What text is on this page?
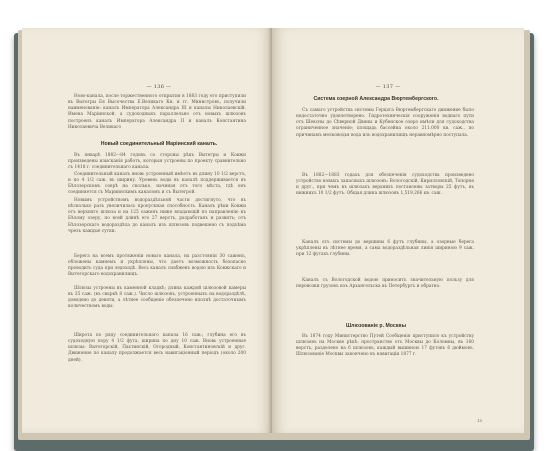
— 136 —
Ново-канала, после торжественного открытия в 1883 году его приступили въ Вытегры Ея Высочества Е.Великаго Кн. и гг. Министровъ, получили наименованіе: каналъ Императора Александра III и каналы Николаевскій. Имена Марiинской, а судоходныхъ параллельно отъ новыхъ шлюзовъ построенъ каналъ Императора Александра II и каналъ Константина Николаевича Великаго
Новый соединительный Маріинский каналъ.
Въ январѣ 1882—84 годовъ со стороны рѣкъ Вытегры и Ковжи произведены изысканія работъ, которыя устроены по проекту сравнительно съ 1418 г. соединительнаго канала.
Соединительный каналъ вновь устроенный имѣетъ въ длину 10 1/2 верстъ, и по 4 1/2 саж. въ ширину. Уровень воды въ каналѣ поддерживается въ Бѣлозерскомъ озерѣ на сколько, начиная отъ того мѣста, гдѣ онъ соединяется съ Мариинскимъ каналомъ и съ Вытегрой.
Новымъ устройствомъ водораздѣльной части достигнуто, что въ нѣсколько разъ увеличилась пропускная способность. Каналъ рѣки Ковжи отъ верхняго шлюза и на 125 саженъ ниже впадающій по направленію къ Бѣлому озеру, по всей длинѣ его 27 верстъ, разработанъ и развитъ; отъ Бѣлозерскаго водораздѣла до каналъ изъ шлюзовъ подвешено съ подъѣма чрезъ каждые сутки.
Берега на всемъ протяженіи новаго канала, на разстояніи 30 саженъ, обложены камнемъ и укрѣплены, что даетъ возможность безопасно проводить суда при ледоходѣ. Весь каналъ снабженъ водою изъ Ковжскаго и Вытегорскаго водохранилищъ.
Шлюзы устроены въ каменной кладкѣ; длина каждой шлюзовой камеры въ 35 саж. (въ сваркѣ 8 саж.). Число шлюзовъ, устроенныхъ на водораздѣлѣ, доведено до девяти, а лѣтнее сообщеніе обезпечено вполнѣ достаточнымъ количествомъ воды.
Широта по ряду соединительнаго канала 16 саж.; глубина его въ судоходную пору 4 1/2 фута, ширина по дну 10 саж. Вновь устроенные шлюзы: Вытегорскій, Пахтинскій, Огородный, Константиновскій и друг. Движение по каналу продолжается весь навигаціонный періодъ (около 200 дней).
— 137 —
Система озерной Александра Вюртембергского.
Съ самаго устройства системы Герцога Вюртембергскаго движение было недостаточно удовлетворено. Гидротехническія сооруженія воднаго пути отъ Шексны до Сѣверной Двины и Кубенское озеро имѣли для судоходства ограниченное значеніе; площадь бассейна около 211.000 кв. саж., по причинамъ мелководья вода изъ водохранилищъ неравномѣрно поступала.
Въ 1882—1883 годахъ для обезпеченія судоходства произведено устройство новыхъ запасныхъ шлюзовъ: Вологодскій, Кирилловскій, Топорня и друг., при чемъ въ шлюзахъ верхнихъ поставлены затворы 25 футъ, въ нижнихъ 10 1/2 футъ. Общая длина шлюзовъ 1,519,266 кв. саж.
Каналъ отъ системы до вершины 6 футъ глубины, а озерные берега укрѣплены въ лѣтнее время, а сама водораздѣльная линія шириною 9 саж. при 12 футахъ глубины.
Каналъ съ Вологодской водою приноситъ значительную пользу для перевозки грузовъ изъ Архангельска въ Петербургъ и обратно.
Шлюзованіе р. Москвы
Въ 1874 году Министерство Путей Сообщенія приступило къ устройству шлюзовъ на Москве рѣкѣ: пространство отъ Москвы до Коломны, въ 160 верстъ, разделено на 6 шлюзовъ, каждый вышиною 17 футовъ 6 дюймовъ. Шлюзованіе Москвы закончено къ навигаціи 1877 г.
15
